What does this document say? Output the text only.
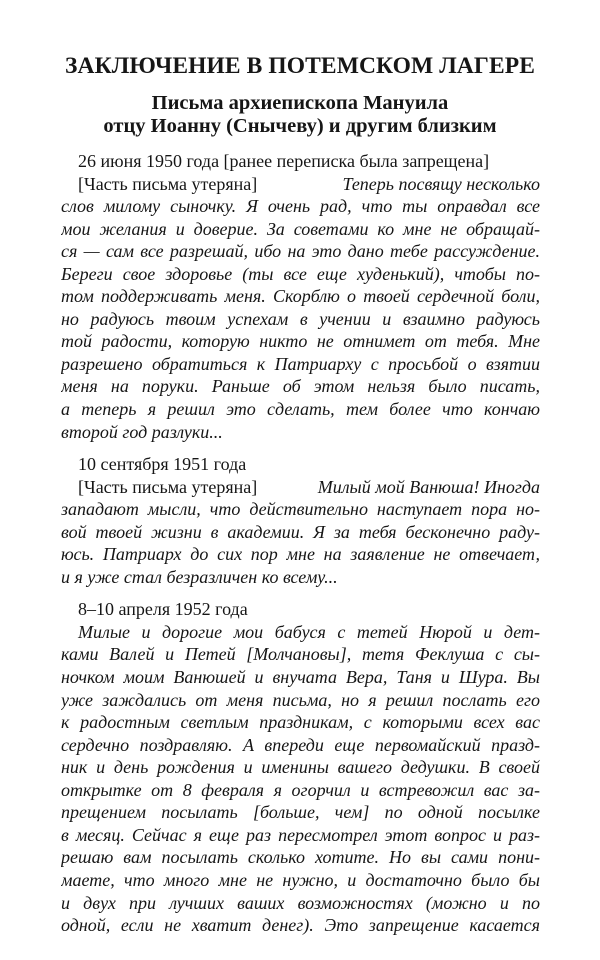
ЗАКЛЮЧЕНИЕ В ПОТЕМСКОМ ЛАГЕРЕ
Письма архиепископа Мануила
отцу Иоанну (Снычеву) и другим близким
26 июня 1950 года [ранее переписка была запрещена]
[Часть письма утеряна]	Теперь посвящу несколько
слов милому сыночку. Я очень рад, что ты оправдал все
мои желания и доверие. За советами ко мне не обращай-
ся — сам все разрешай, ибо на это дано тебе рассуждение.
Береги свое здоровье (ты все еще худенький), чтобы по-
том поддерживать меня. Скорблю о твоей сердечной боли,
но радуюсь твоим успехам в учении и взаимно радуюсь
той радости, которую никто не отнимет от тебя. Мне
разрешено обратиться к Патриарху с просьбой о взятии
меня на поруки. Раньше об этом нельзя было писать,
а теперь я решил это сделать, тем более что кончаю
второй год разлуки...
10 сентября 1951 года
[Часть письма утеряна]	Милый мой Ванюша! Иногда
западают мысли, что действительно наступает пора но-
вой твоей жизни в академии. Я за тебя бесконечно раду-
юсь. Патриарх до сих пор мне на заявление не отвечает,
и я уже стал безразличен ко всему...
8–10 апреля 1952 года
Милые и дорогие мои бабуся с тетей Нюрой и дет-
ками Валей и Петей [Молчановы], тетя Феклуша с сы-
ночком моим Ванюшей и внучата Вера, Таня и Шура. Вы
уже заждались от меня письма, но я решил послать его
к радостным светлым праздникам, с которыми всех вас
сердечно поздравляю. А впереди еще первомайский празд-
ник и день рождения и именины вашего дедушки. В своей
открытке от 8 февраля я огорчил и встревожил вас за-
прещением посылать [больше, чем] по одной посылке
в месяц. Сейчас я еще раз пересмотрел этот вопрос и раз-
решаю вам посылать сколько хотите. Но вы сами пони-
маете, что много мне не нужно, и достаточно было бы
и двух при лучших ваших возможностях (можно и по
одной, если не хватит денег). Это запрещение касается
